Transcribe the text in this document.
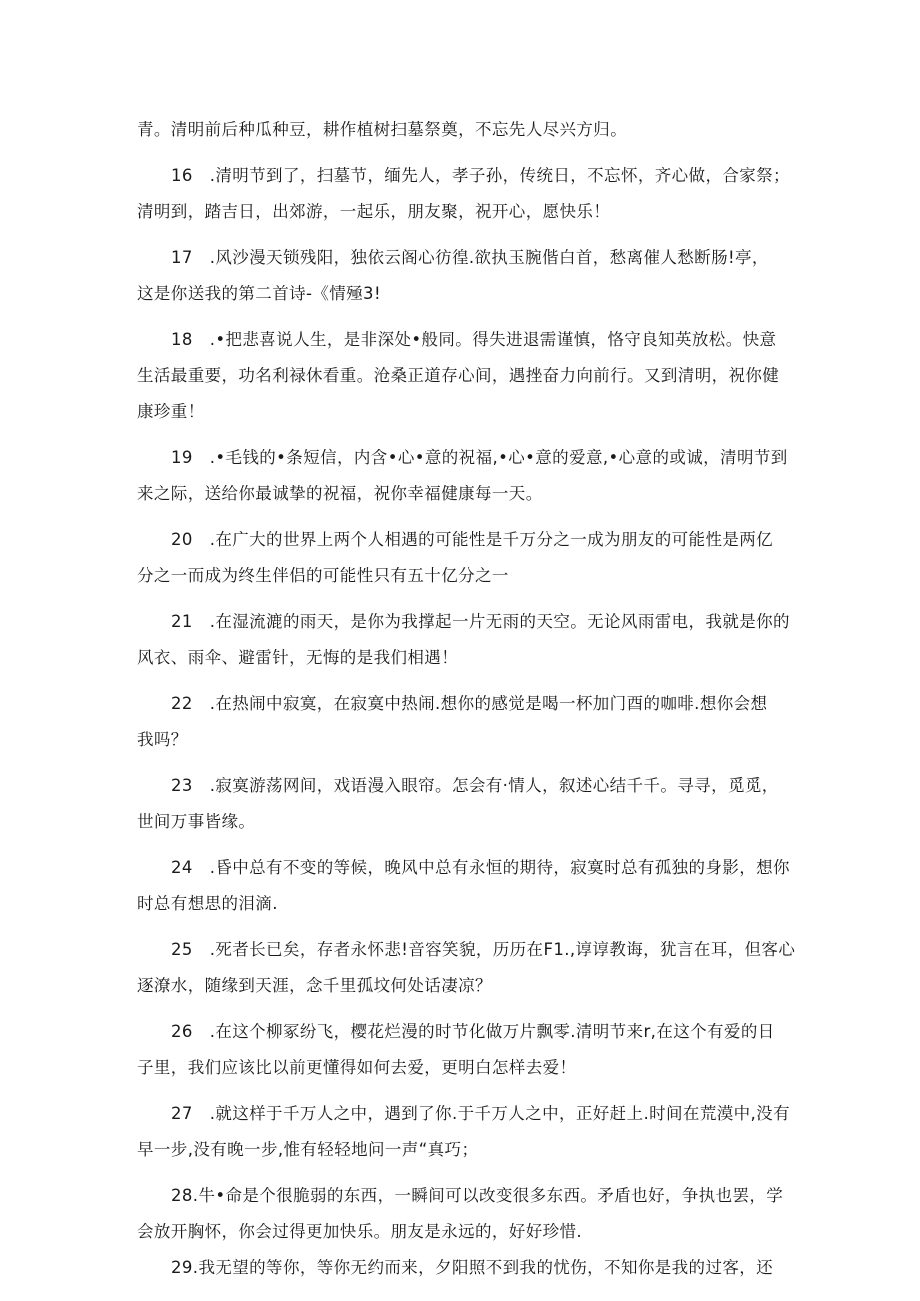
青。清明前后种瓜种豆，耕作植树扫墓祭奠，不忘先人尽兴方归。
16　.清明节到了，扫墓节，缅先人，孝子孙，传统日，不忘怀，齐心做，合家祭；
清明到，踏吉日，出郊游，一起乐，朋友聚，祝开心，愿快乐！
17　.风沙漫天锁残阳，独依云阁心彷徨.欲执玉腕偕白首，愁离催人愁断肠!亭，
这是你送我的第二首诗-《情殛3!
18　.•把悲喜说人生，是非深处•般同。得失进退需谨慎，恪守良知英放松。快意
生活最重要，功名利禄休看重。沧桑正道存心间，遇挫奋力向前行。又到清明，祝你健
康珍重！
19　.•毛钱的•条短信，内含•心•意的祝福,•心•意的爱意,•心意的或诚，清明节到
来之际，送给你最诚挚的祝福，祝你幸福健康每一天。
20　.在广大的世界上两个人相遇的可能性是千万分之一成为朋友的可能性是两亿
分之一而成为终生伴侣的可能性只有五十亿分之一
21　.在湿流漉的雨天，是你为我撑起一片无雨的天空。无论风雨雷电，我就是你的
风衣、雨伞、避雷针，无悔的是我们相遇！
22　.在热闹中寂寞，在寂寞中热闹.想你的感觉是喝一杯加门酉的咖啡.想你会想
我吗？
23　.寂寞游荡网间，戏语漫入眼帘。怎会有·情人，叙述心结千千。寻寻，觅觅，
世间万事皆缘。
24　.昏中总有不变的等候，晚风中总有永恒的期待，寂寞时总有孤独的身影，想你
时总有想思的泪滴.
25　.死者长已矣，存者永怀悲!音容笑貌，历历在F1.,谆谆教诲，犹言在耳，但客心
逐潦水，随缘到天涯，念千里孤坟何处话凄凉？
26　.在这个柳冢纷飞，樱花烂漫的时节化做万片飘零.清明节来r,在这个有爱的日
子里，我们应该比以前更懂得如何去爱，更明白怎样去爱！
27　.就这样于千万人之中，遇到了你.于千万人之中，正好赶上.时间在荒漠中,没有
早一步,没有晚一步,惟有轻轻地问一声“真巧；
28.牛•命是个很脆弱的东西，一瞬间可以改变很多东西。矛盾也好，争执也罢，学
会放开胸怀，你会过得更加快乐。朋友是永远的，好好珍惜.
29.我无望的等你，等你无约而来，夕阳照不到我的忧伤，不知你是我的过客，还
